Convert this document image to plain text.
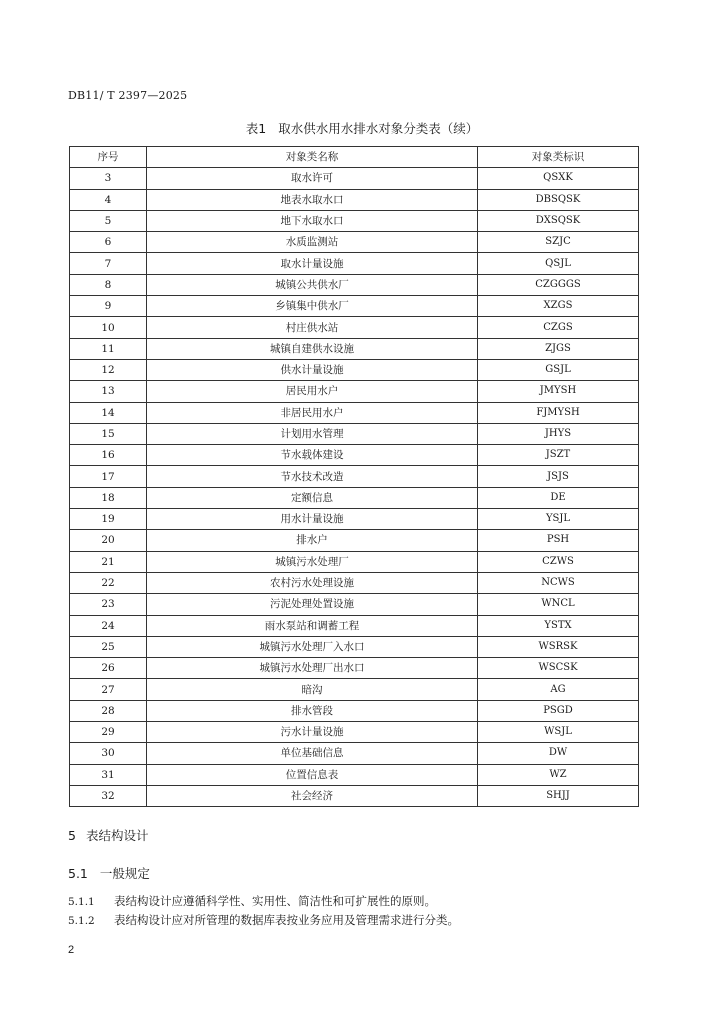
DB11/ T 2397—2025
表1 取水供水用水排水对象分类表（续）
序号	对象类名称	对象类标识
3	取水许可	QSXK
4	地表水取水口	DBSQSK
5	地下水取水口	DXSQSK
6	水质监测站	SZJC
7	取水计量设施	QSJL
8	城镇公共供水厂	CZGGGS
9	乡镇集中供水厂	XZGS
10	村庄供水站	CZGS
11	城镇自建供水设施	ZJGS
12	供水计量设施	GSJL
13	居民用水户	JMYSH
14	非居民用水户	FJMYSH
15	计划用水管理	JHYS
16	节水载体建设	JSZT
17	节水技术改造	JSJS
18	定额信息	DE
19	用水计量设施	YSJL
20	排水户	PSH
21	城镇污水处理厂	CZWS
22	农村污水处理设施	NCWS
23	污泥处理处置设施	WNCL
24	雨水泵站和调蓄工程	YSTX
25	城镇污水处理厂入水口	WSRSK
26	城镇污水处理厂出水口	WSCSK
27	暗沟	AG
28	排水管段	PSGD
29	污水计量设施	WSJL
30	单位基础信息	DW
31	位置信息表	WZ
32	社会经济	SHJJ
5 表结构设计
5.1 一般规定
5.1.1 表结构设计应遵循科学性、实用性、简洁性和可扩展性的原则。
5.1.2 表结构设计应对所管理的数据库表按业务应用及管理需求进行分类。
2
